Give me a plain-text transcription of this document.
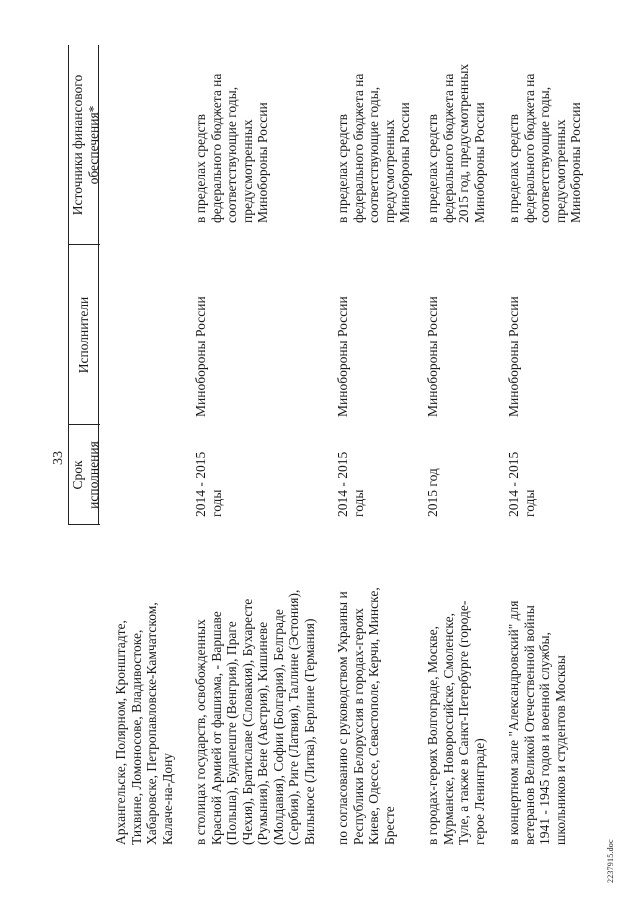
33
Срок
исполнения
Исполнители
Источники финансового
обеспечения*
Архангельске, Полярном, Кронштадте,
Тихвине, Ломоносове, Владивостоке,
Хабаровске, Петропавловске-Камчатском,
Калаче-на-Дону в столицах государств, освобожденных
Красной Армией от фашизма, - Варшаве
(Польша), Будапеште (Венгрия), Праге
(Чехия), Братиславе (Словакия), Бухаресте
(Румыния), Вене (Австрия), Кишиневе
(Молдавия), Софии (Болгария), Белграде
(Сербия), Риге (Латвия), Таллине (Эстония),
Вильнюсе (Литва), Берлине (Германия)
2014 - 2015
годы
Минобороны России
в пределах средств
федерального бюджета на
соответствующие годы,
предусмотренных
Минобороны России
по согласованию с руководством Украины и
Республики Белоруссия в городах-героях
Киеве, Одессе, Севастополе, Керчи, Минске,
Бресте
2014 - 2015
годы
Минобороны России
в пределах средств
федерального бюджета на
соответствующие годы,
предусмотренных
Минобороны России
в городах-героях Волгограде, Москве,
Мурманске, Новороссийске, Смоленске,
Туле, а также в Санкт-Петербурге (городе-
герое Ленинграде)
2015 год
Минобороны России
в пределах средств
федерального бюджета на
2015 год, предусмотренных
Минобороны России
в концертном зале "Александровский" для
ветеранов Великой Отечественной войны
1941 - 1945 годов и военной службы,
школьников и студентов Москвы
2014 - 2015
годы
Минобороны России
в пределах средств
федерального бюджета на
соответствующие годы,
предусмотренных
Минобороны России
2237915.doc
